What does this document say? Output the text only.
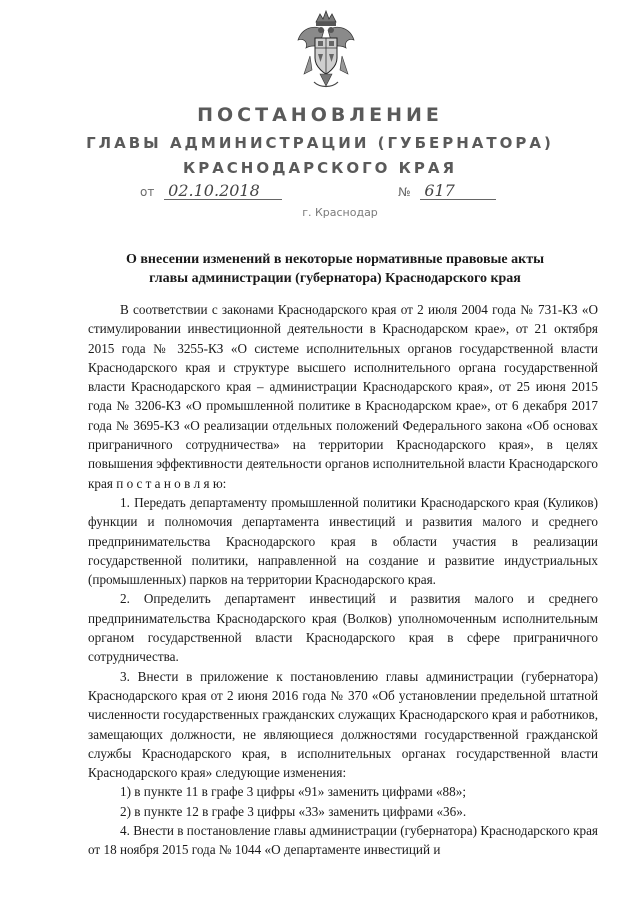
ПОСТАНОВЛЕНИЕ
ГЛАВЫ АДМИНИСТРАЦИИ (ГУБЕРНАТОРА)
КРАСНОДАРСКОГО КРАЯ
от 02.10.2018	№ 617
г. Краснодар
О внесении изменений в некоторые нормативные правовые акты
главы администрации (губернатора) Краснодарского края

В соответствии с законами Краснодарского края от 2 июля 2004 года № 731-КЗ «О стимулировании инвестиционной деятельности в Краснодарском крае», от 21 октября 2015 года № 3255-КЗ «О системе исполнительных органов государственной власти Краснодарского края и структуре высшего исполнительного органа государственной власти Краснодарского края – администрации Краснодарского края», от 25 июня 2015 года № 3206-КЗ «О промышленной политике в Краснодарском крае», от 6 декабря 2017 года № 3695-КЗ «О реализации отдельных положений Федерального закона «Об основах приграничного сотрудничества» на территории Краснодарского края», в целях повышения эффективности деятельности органов исполнительной власти Краснодарского края п о с т а н о в л я ю:

1. Передать департаменту промышленной политики Краснодарского края (Куликов) функции и полномочия департамента инвестиций и развития малого и среднего предпринимательства Краснодарского края в области участия в реализации государственной политики, направленной на создание и развитие индустриальных (промышленных) парков на территории Краснодарского края.

2. Определить департамент инвестиций и развития малого и среднего предпринимательства Краснодарского края (Волков) уполномоченным исполнительным органом государственной власти Краснодарского края в сфере приграничного сотрудничества.

3. Внести в приложение к постановлению главы администрации (губернатора) Краснодарского края от 2 июня 2016 года № 370 «Об установлении предельной штатной численности государственных гражданских служащих Краснодарского края и работников, замещающих должности, не являющиеся должностями государственной гражданской службы Краснодарского края, в исполнительных органах государственной власти Краснодарского края» следующие изменения:

1) в пункте 11 в графе 3 цифры «91» заменить цифрами «88»;

2) в пункте 12 в графе 3 цифры «33» заменить цифрами «36».

4. Внести в постановление главы администрации (губернатора) Краснодарского края от 18 ноября 2015 года № 1044 «О департаменте инвестиций и
